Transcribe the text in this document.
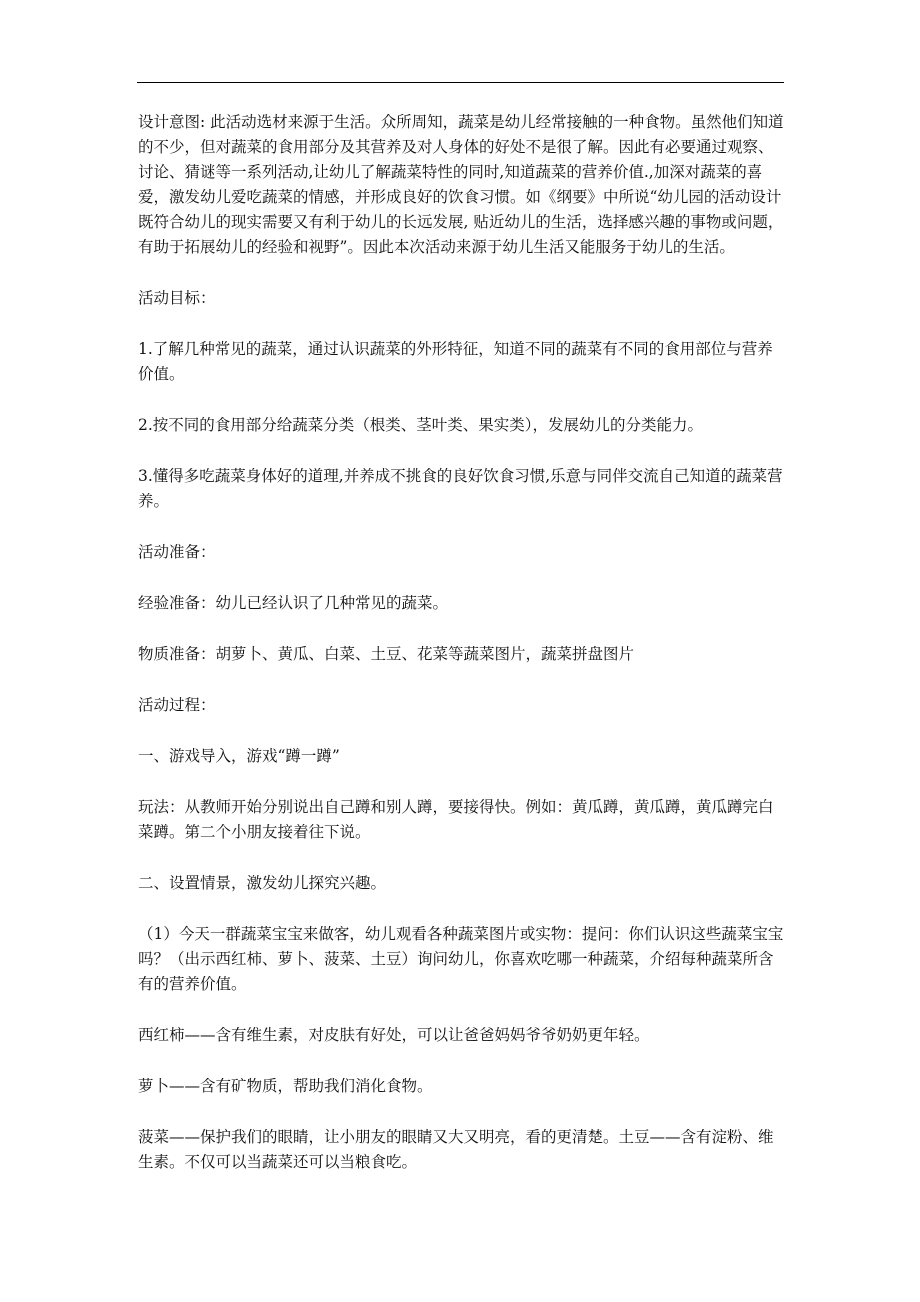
设计意图: 此活动选材来源于生活。众所周知，蔬菜是幼儿经常接触的一种食物。虽然他们知道的不少，但对蔬菜的食用部分及其营养及对人身体的好处不是很了解。因此有必要通过观察、讨论、猜谜等一系列活动,让幼儿了解蔬菜特性的同时,知道蔬菜的营养价值.,加深对蔬菜的喜爱，激发幼儿爱吃蔬菜的情感，并形成良好的饮食习惯。如《纲要》中所说“幼儿园的活动设计既符合幼儿的现实需要又有利于幼儿的长远发展, 贴近幼儿的生活，选择感兴趣的事物或问题，有助于拓展幼儿的经验和视野”。因此本次活动来源于幼儿生活又能服务于幼儿的生活。

活动目标：

1.了解几种常见的蔬菜，通过认识蔬菜的外形特征，知道不同的蔬菜有不同的食用部位与营养价值。

2.按不同的食用部分给蔬菜分类（根类、茎叶类、果实类），发展幼儿的分类能力。

3.懂得多吃蔬菜身体好的道理,并养成不挑食的良好饮食习惯,乐意与同伴交流自己知道的蔬菜营养。

活动准备：

经验准备：幼儿已经认识了几种常见的蔬菜。

物质准备：胡萝卜、黄瓜、白菜、土豆、花菜等蔬菜图片，蔬菜拼盘图片

活动过程：

一、游戏导入，游戏“蹲一蹲”

玩法：从教师开始分别说出自己蹲和别人蹲，要接得快。例如：黄瓜蹲，黄瓜蹲，黄瓜蹲完白菜蹲。第二个小朋友接着往下说。

二、设置情景，激发幼儿探究兴趣。

（1）今天一群蔬菜宝宝来做客，幼儿观看各种蔬菜图片或实物：提问：你们认识这些蔬菜宝宝吗？（出示西红柿、萝卜、菠菜、土豆）询问幼儿，你喜欢吃哪一种蔬菜，介绍每种蔬菜所含有的营养价值。

西红柿——含有维生素，对皮肤有好处，可以让爸爸妈妈爷爷奶奶更年轻。

萝卜——含有矿物质，帮助我们消化食物。

菠菜——保护我们的眼睛，让小朋友的眼睛又大又明亮，看的更清楚。土豆——含有淀粉、维生素。不仅可以当蔬菜还可以当粮食吃。
